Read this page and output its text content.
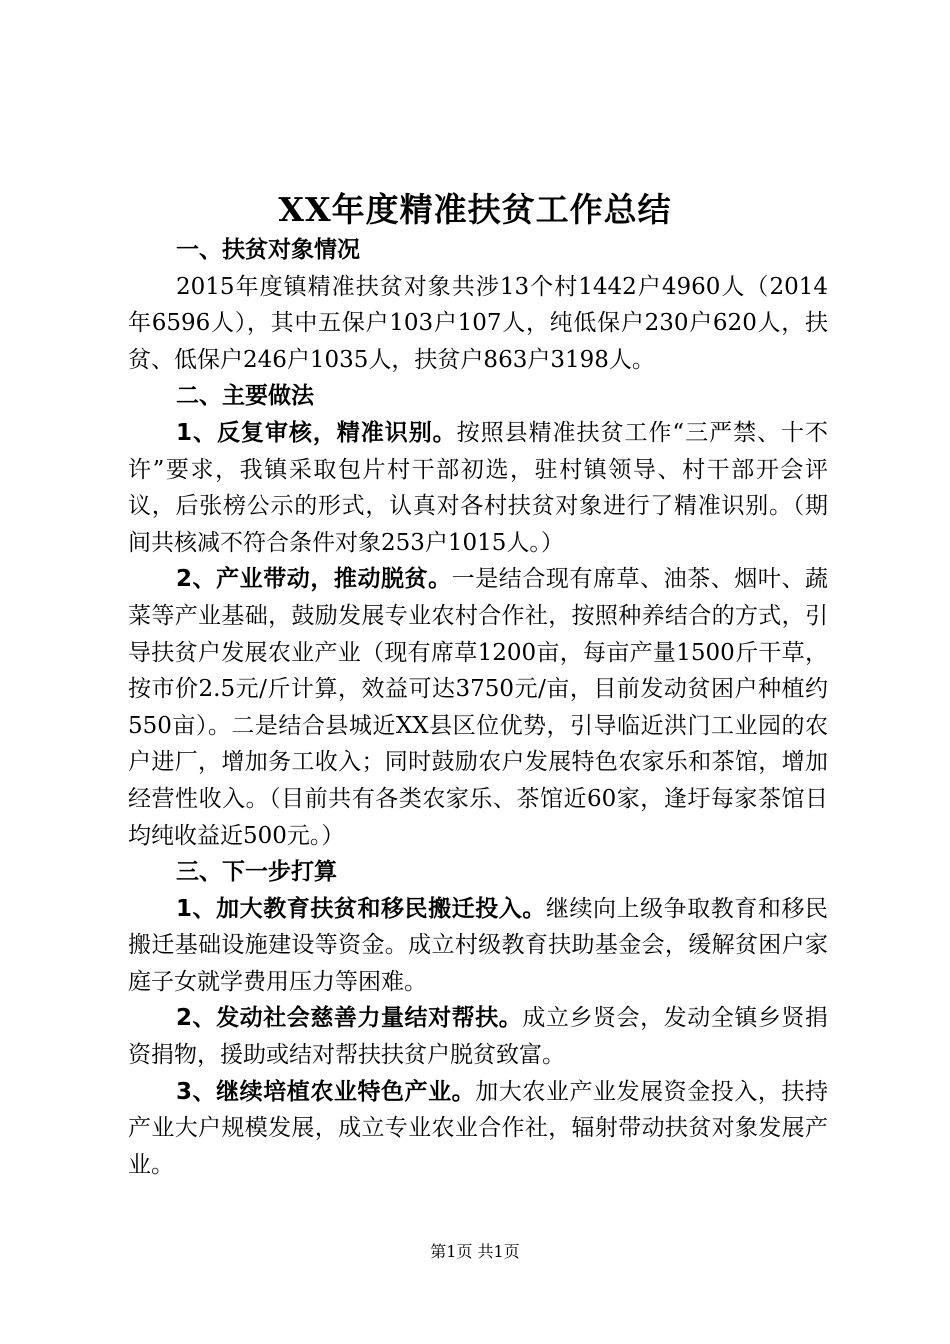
XX年度精准扶贫工作总结

一、扶贫对象情况

2015年度镇精准扶贫对象共涉13个村1442户4960人（2014年6596人），其中五保户103户107人，纯低保户230户620人，扶贫、低保户246户1035人，扶贫户863户3198人。

二、主要做法

1、反复审核，精准识别。按照县精准扶贫工作“三严禁、十不许”要求，我镇采取包片村干部初选，驻村镇领导、村干部开会评议，后张榜公示的形式，认真对各村扶贫对象进行了精准识别。（期间共核减不符合条件对象253户1015人。）

2、产业带动，推动脱贫。一是结合现有席草、油茶、烟叶、蔬菜等产业基础，鼓励发展专业农村合作社，按照种养结合的方式，引导扶贫户发展农业产业（现有席草1200亩，每亩产量1500斤干草，按市价2.5元/斤计算，效益可达3750元/亩，目前发动贫困户种植约550亩）。二是结合县城近XX县区位优势，引导临近洪门工业园的农户进厂，增加务工收入；同时鼓励农户发展特色农家乐和茶馆，增加经营性收入。（目前共有各类农家乐、茶馆近60家，逢圩每家茶馆日均纯收益近500元。）

三、下一步打算

1、加大教育扶贫和移民搬迁投入。继续向上级争取教育和移民搬迁基础设施建设等资金。成立村级教育扶助基金会，缓解贫困户家庭子女就学费用压力等困难。

2、发动社会慈善力量结对帮扶。成立乡贤会，发动全镇乡贤捐资捐物，援助或结对帮扶扶贫户脱贫致富。

3、继续培植农业特色产业。加大农业产业发展资金投入，扶持产业大户规模发展，成立专业农业合作社，辐射带动扶贫对象发展产业。

第1页 共1页
